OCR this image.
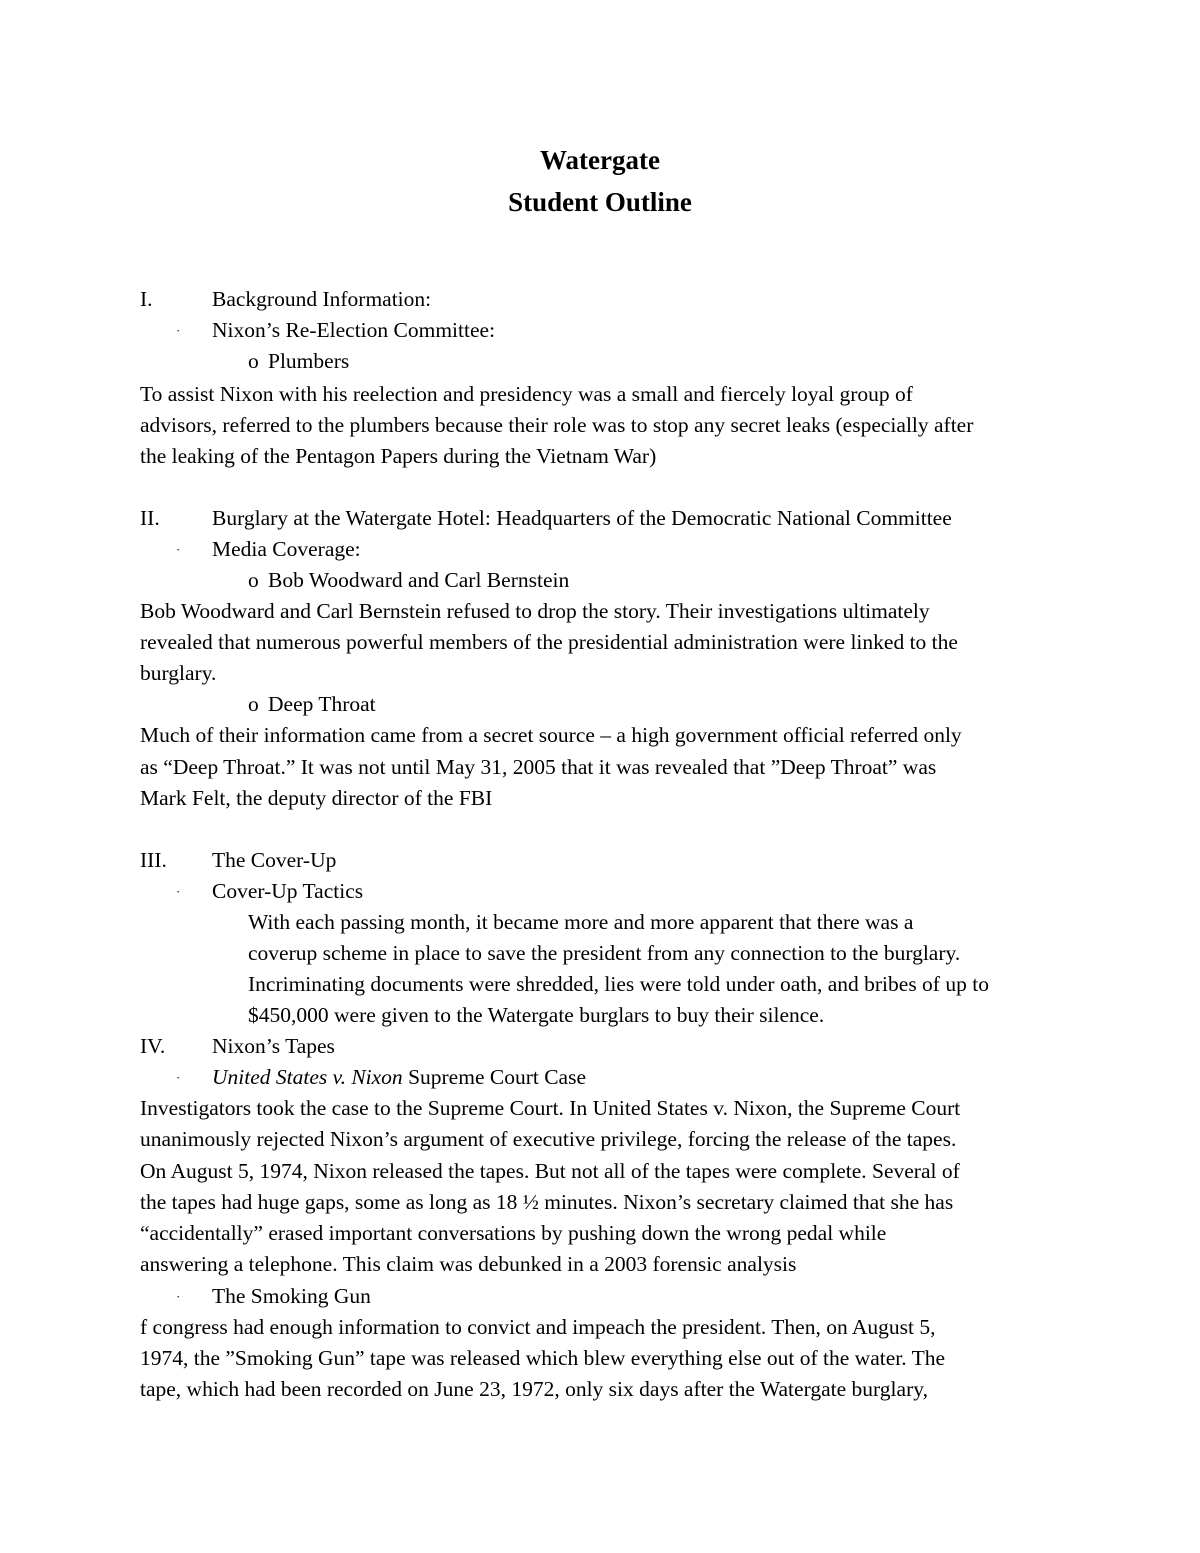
Watergate
Student Outline
I.	Background Information:
· Nixon’s Re-Election Committee:
o Plumbers
To assist Nixon with his reelection and presidency was a small and fiercely loyal group of
advisors, referred to the plumbers because their role was to stop any secret leaks (especially after
the leaking of the Pentagon Papers during the Vietnam War)
II. Burglary at the Watergate Hotel: Headquarters of the Democratic National Committee
· Media Coverage:
o Bob Woodward and Carl Bernstein
Bob Woodward and Carl Bernstein refused to drop the story. Their investigations ultimately
revealed that numerous powerful members of the presidential administration were linked to the
burglary.
o Deep Throat
Much of their information came from a secret source – a high government official referred only
as “Deep Throat.” It was not until May 31, 2005 that it was revealed that ”Deep Throat” was
Mark Felt, the deputy director of the FBI
III. The Cover-Up
· Cover-Up Tactics
With each passing month, it became more and more apparent that there was a
coverup scheme in place to save the president from any connection to the burglary.
Incriminating documents were shredded, lies were told under oath, and bribes of up to
$450,000 were given to the Watergate burglars to buy their silence.
IV. Nixon’s Tapes
· United States v. Nixon Supreme Court Case
Investigators took the case to the Supreme Court. In United States v. Nixon, the Supreme Court
unanimously rejected Nixon’s argument of executive privilege, forcing the release of the tapes.
On August 5, 1974, Nixon released the tapes. But not all of the tapes were complete. Several of
the tapes had huge gaps, some as long as 18 ½ minutes. Nixon’s secretary claimed that she has
“accidentally” erased important conversations by pushing down the wrong pedal while
answering a telephone. This claim was debunked in a 2003 forensic analysis
· The Smoking Gun
f congress had enough information to convict and impeach the president. Then, on August 5,
1974, the ”Smoking Gun” tape was released which blew everything else out of the water. The
tape, which had been recorded on June 23, 1972, only six days after the Watergate burglary,
